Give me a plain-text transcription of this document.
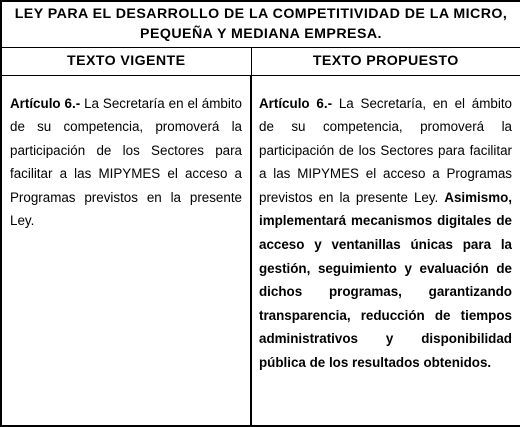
LEY PARA EL DESARROLLO DE LA COMPETITIVIDAD DE LA MICRO,
PEQUEÑA Y MEDIANA EMPRESA.	
TEXTO VIGENTE	TEXTO PROPUESTO
Artículo 6.- La Secretaría en el ámbito de su competencia, promoverá la participación de los Sectores para facilitar a las MIPYMES el acceso a Programas previstos en la presente Ley.	Artículo 6.- La Secretaría, en el ámbito de su competencia, promoverá la participación de los Sectores para facilitar a las MIPYMES el acceso a Programas previstos en la presente Ley. Asimismo, implementará mecanismos digitales de acceso y ventanillas únicas para la gestión, seguimiento y evaluación de dichos programas, garantizando transparencia, reducción de tiempos administrativos y disponibilidad pública de los resultados obtenidos.
